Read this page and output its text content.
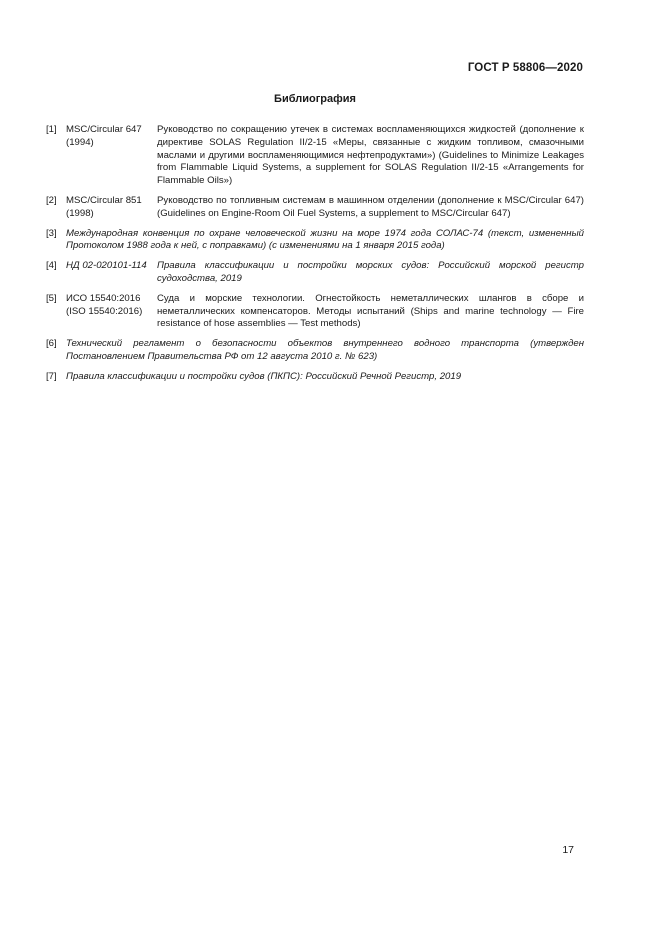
ГОСТ Р 58806—2020
Библиография
[1] MSC/Circular 647 (1994)
Руководство по сокращению утечек в системах воспламеняющихся жидкостей (дополнение к директиве SOLAS Regulation II/2-15 «Меры, связанные с жидким топливом, смазочными маслами и другими воспламеняющимися нефтепродуктами») (Guidelines to Minimize Leakages from Flammable Liquid Systems, a supplement for SOLAS Regulation II/2-15 «Arrangements for Flammable Oils»)
[2] MSC/Circular 851 (1998)
Руководство по топливным системам в машинном отделении (дополнение к MSC/Circular 647) (Guidelines on Engine-Room Oil Fuel Systems, a supplement to MSC/Circular 647)
[3] Международная конвенция по охране человеческой жизни на море 1974 года СОЛАС-74 (текст, измененный Протоколом 1988 года к ней, с поправками) (с изменениями на 1 января 2015 года)
[4] НД 02-020101-114	Правила классификации и постройки морских судов: Российский морской регистр судоходства, 2019
[5] ИСО 15540:2016 (ISO 15540:2016)
Суда и морские технологии. Огнестойкость неметаллических шлангов в сборе и неметаллических компенсаторов. Методы испытаний (Ships and marine technology — Fire resistance of hose assemblies — Test methods)
[6] Технический регламент о безопасности объектов внутреннего водного транспорта (утвержден Постановлением Правительства РФ от 12 августа 2010 г. № 623)
[7] Правила классификации и постройки судов (ПКПС): Российский Речной Регистр, 2019
17
